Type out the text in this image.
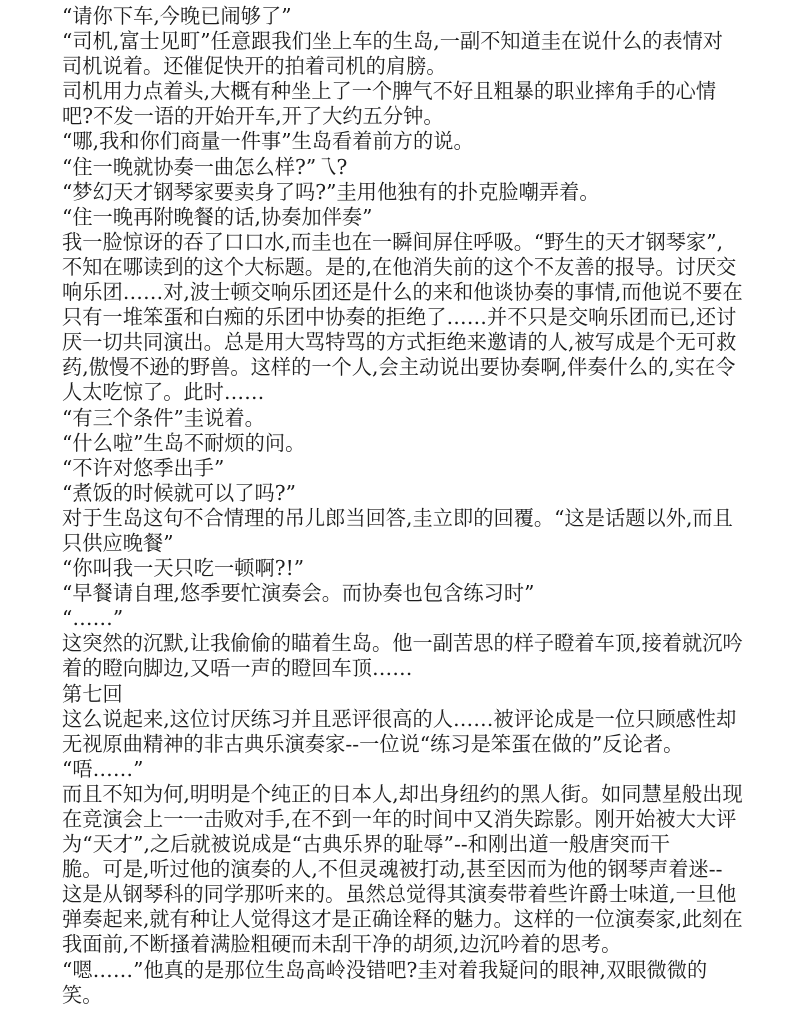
“请你下车,今晚已闹够了”
“司机,富士见町”任意跟我们坐上车的生岛,一副不知道圭在说什么的表情对
司机说着。还催促快开的拍着司机的肩膀。
司机用力点着头,大概有种坐上了一个脾气不好且粗暴的职业摔角手的心情
吧?不发一语的开始开车,开了大约五分钟。
“哪,我和你们商量一件事”生岛看着前方的说。
“住一晚就协奏一曲怎么样?”乁?
“梦幻天才钢琴家要卖身了吗?”圭用他独有的扑克脸嘲弄着。
“住一晚再附晚餐的话,协奏加伴奏”
我一脸惊讶的吞了口口水,而圭也在一瞬间屏住呼吸。“野生的天才钢琴家”,
不知在哪读到的这个大标题。是的,在他消失前的这个不友善的报导。讨厌交
响乐团……对,波士顿交响乐团还是什么的来和他谈协奏的事情,而他说不要在
只有一堆笨蛋和白痴的乐团中协奏的拒绝了……并不只是交响乐团而已,还讨
厌一切共同演出。总是用大骂特骂的方式拒绝来邀请的人,被写成是个无可救
药,傲慢不逊的野兽。这样的一个人,会主动说出要协奏啊,伴奏什么的,实在令
人太吃惊了。此时……
“有三个条件”圭说着。
“什么啦”生岛不耐烦的问。
“不许对悠季出手”
“煮饭的时候就可以了吗?”
对于生岛这句不合情理的吊儿郎当回答,圭立即的回覆。“这是话题以外,而且
只供应晚餐”
“你叫我一天只吃一顿啊?!”
“早餐请自理,悠季要忙演奏会。而协奏也包含练习时”
“……”
这突然的沉默,让我偷偷的瞄着生岛。他一副苦思的样子瞪着车顶,接着就沉吟
着的瞪向脚边,又唔一声的瞪回车顶……
第七回
这么说起来,这位讨厌练习并且恶评很高的人……被评论成是一位只顾感性却
无视原曲精神的非古典乐演奏家--一位说“练习是笨蛋在做的”反论者。
“唔……”
而且不知为何,明明是个纯正的日本人,却出身纽约的黑人街。如同慧星般出现
在竞演会上一一击败对手,在不到一年的时间中又消失踪影。刚开始被大大评
为“天才”,之后就被说成是“古典乐界的耻辱”--和刚出道一般唐突而干
脆。可是,听过他的演奏的人,不但灵魂被打动,甚至因而为他的钢琴声着迷--
这是从钢琴科的同学那听来的。虽然总觉得其演奏带着些许爵士味道,一旦他
弹奏起来,就有种让人觉得这才是正确诠释的魅力。这样的一位演奏家,此刻在
我面前,不断搔着满脸粗硬而未刮干净的胡须,边沉吟着的思考。
“嗯……”他真的是那位生岛高岭没错吧?圭对着我疑问的眼神,双眼微微的
笑。
